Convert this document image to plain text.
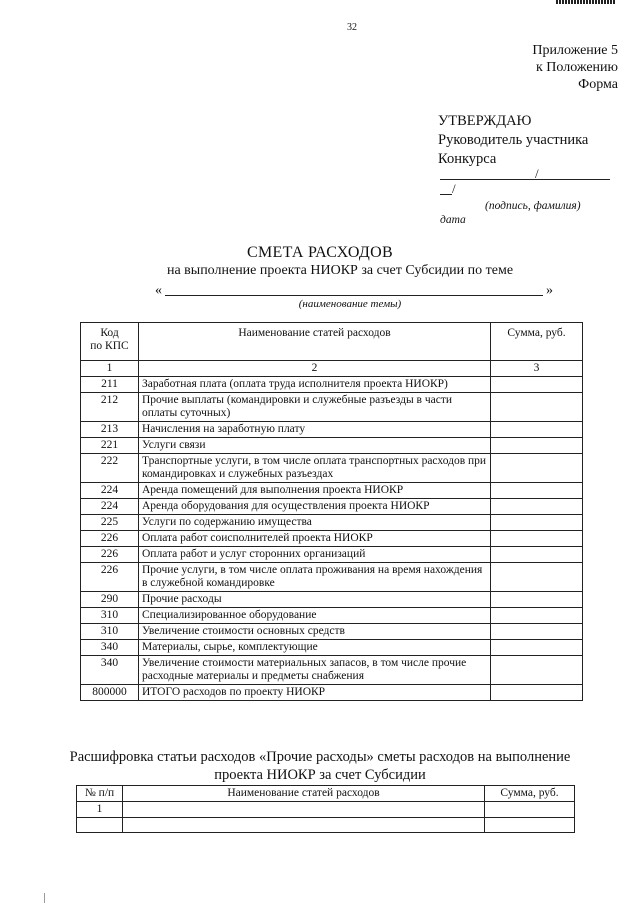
32
Приложение 5
к Положению
Форма
УТВЕРЖДАЮ
Руководитель участника
Конкурса
/
/
(подпись, фамилия)
дата
СМЕТА РАСХОДОВ
на выполнение проекта НИОКР за счет Субсидии по теме
«	»
(наименование темы)
Код
по КПС	Наименование статей расходов	Сумма, руб.
1	2	3
211	Заработная плата (оплата труда исполнителя проекта НИОКР)	
212	Прочие выплаты (командировки и служебные разъезды в части оплаты суточных)	
213	Начисления на заработную плату	
221	Услуги связи	
222	Транспортные услуги, в том числе оплата транспортных расходов при командировках и служебных разъездах	
224	Аренда помещений для выполнения проекта НИОКР	
224	Аренда оборудования для осуществления проекта НИОКР	
225	Услуги по содержанию имущества	
226	Оплата работ соисполнителей проекта НИОКР	
226	Оплата работ и услуг сторонних организаций	
226	Прочие услуги, в том числе оплата проживания на время нахождения в служебной командировке	
290	Прочие расходы	
310	Специализированное оборудование	
310	Увеличение стоимости основных средств	
340	Материалы, сырье, комплектующие	
340	Увеличение стоимости материальных запасов, в том числе прочие расходные материалы и предметы снабжения	
800000	ИТОГО расходов по проекту НИОКР	
Расшифровка статьи расходов «Прочие расходы» сметы расходов на выполнение
проекта НИОКР за счет Субсидии
№ п/п	Наименование статей расходов	Сумма, руб.
1		
